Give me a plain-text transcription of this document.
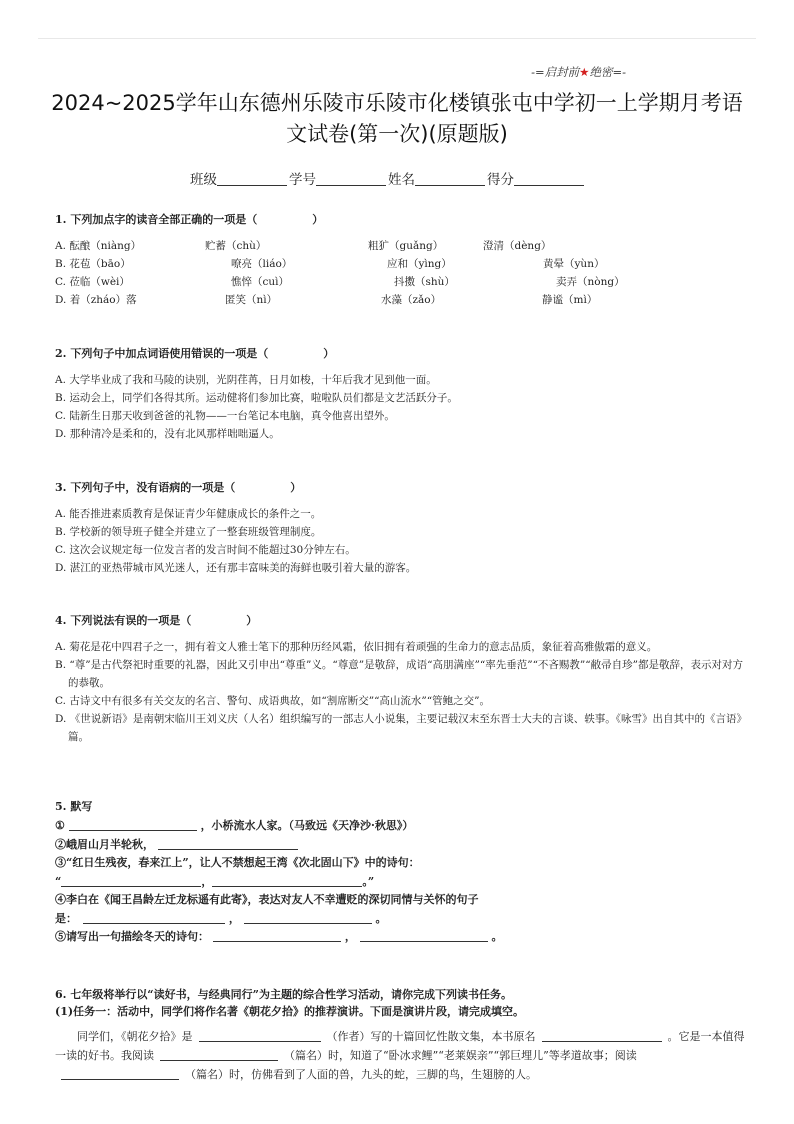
-=启封前★绝密=-
2024~2025学年山东德州乐陵市乐陵市化楼镇张屯中学初一上学期月考语
文试卷(第一次)(原题版)
班级	学号	姓名	得分
1. 下列加点字的读音全部正确的一项是（　　　　　）
A. 酝酿（niàng）	贮蓄（chù）	粗犷（guǎng）	澄清（dèng）
B. 花苞（bāo）	嘹亮（liáo）	应和（yìng）	黄晕（yùn）
C. 莅临（wèi）	憔悴（cuì）	抖擞（shù）	卖弄（nòng）
D. 着（zháo）落	匿笑（nì）	水藻（zǎo）	静谧（mì）
2. 下列句子中加点词语使用错误的一项是（　　　　　）
A. 大学毕业成了我和马陵的诀别，光阴荏苒，日月如梭，十年后我才见到他一面。
B. 运动会上，同学们各得其所。运动健将们参加比赛，啦啦队员们都是文艺活跃分子。
C. 陆新生日那天收到爸爸的礼物——一台笔记本电脑，真令他喜出望外。
D. 那种清冷是柔和的，没有北风那样咄咄逼人。
3. 下列句子中，没有语病的一项是（　　　　　）
A. 能否推进素质教育是保证青少年健康成长的条件之一。
B. 学校新的领导班子健全并建立了一整套班级管理制度。
C. 这次会议规定每一位发言者的发言时间不能超过30分钟左右。
D. 湛江的亚热带城市风光迷人，还有那丰富味美的海鲜也吸引着大量的游客。
4. 下列说法有误的一项是（　　　　　）
A. 菊花是花中四君子之一，拥有着文人雅士笔下的那种历经风霜，依旧拥有着顽强的生命力的意志品质，象征着高雅傲霜的意义。
B. “尊”是古代祭祀时重要的礼器，因此又引申出“尊重”义。“尊意”是敬辞，成语“高朋满座”“率先垂范”“不吝赐教”“敝帚自珍”都是敬辞，表示对对方的恭敬。
C. 古诗文中有很多有关交友的名言、警句、成语典故，如“割席断交”“高山流水”“管鲍之交”。
D. 《世说新语》是南朝宋临川王刘义庆（人名）组织编写的一部志人小说集，主要记载汉末至东晋士大夫的言谈、轶事。《咏雪》出自其中的《言语》篇。
5. 默写
①	，小桥流水人家。（马致远《天净沙·秋思》）
②峨眉山月半轮秋，
③“红日生残夜，春来江上”，让人不禁想起王湾《次北固山下》中的诗句：
“	，	。”
④李白在《闻王昌龄左迁龙标遥有此寄》，表达对友人不幸遭贬的深切同情与关怀的句子
是：	，	。
⑤请写出一句描绘冬天的诗句：	，	。
6. 七年级将举行以“读好书，与经典同行”为主题的综合性学习活动，请你完成下列读书任务。
(1)任务一：活动中，同学们将作名著《朝花夕拾》的推荐演讲。下面是演讲片段，请完成填空。
同学们，《朝花夕拾》是	（作者）写的十篇回忆性散文集，本书原名	。它是一本值得一读的好书。我阅读	（篇名）时，知道了“卧冰求鲤”“老莱娱亲”“郭巨埋儿”等孝道故事；阅读（篇名）时，仿佛看到了人面的兽，九头的蛇，三脚的鸟，生翅膀的人。
